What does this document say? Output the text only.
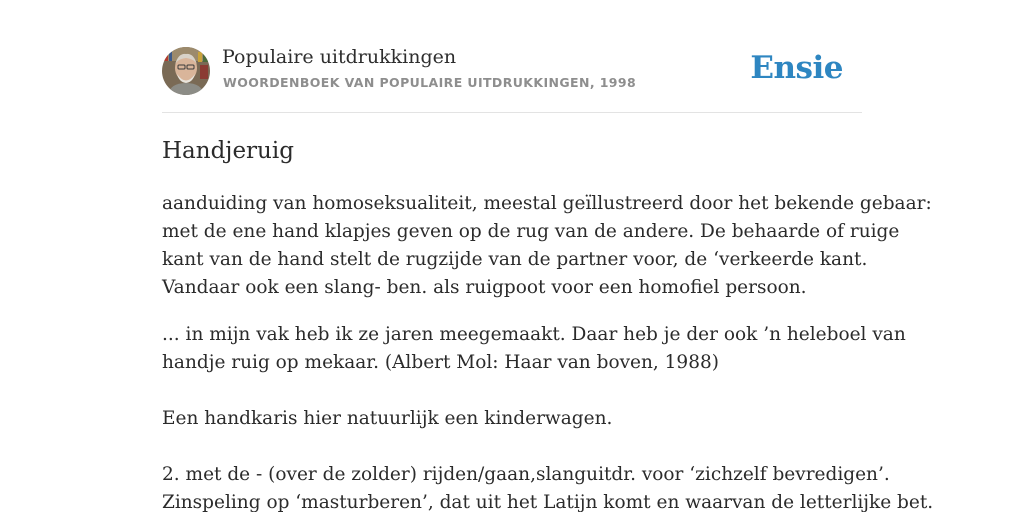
Populaire uitdrukkingen
WOORDENBOEK VAN POPULAIRE UITDRUKKINGEN, 1998	Ensie
Handjeruig

aanduiding van homoseksualiteit, meestal geïllustreerd door het bekende gebaar:

met de ene hand klapjes geven op de rug van de andere. De behaarde of ruige

kant van de hand stelt de rugzijde van de partner voor, de ‘verkeerde kant.

Vandaar ook een slang- ben. als ruigpoot voor een homofiel persoon.

... in mijn vak heb ik ze jaren meegemaakt. Daar heb je der ook ’n heleboel van

handje ruig op mekaar. (Albert Mol: Haar van boven, 1988)

Een handkaris hier natuurlijk een kinderwagen.

2. met de - (over de zolder) rijden/gaan,slanguitdr. voor ‘zichzelf bevredigen’.

Zinspeling op ‘masturberen’, dat uit het Latijn komt en waarvan de letterlijke bet.
